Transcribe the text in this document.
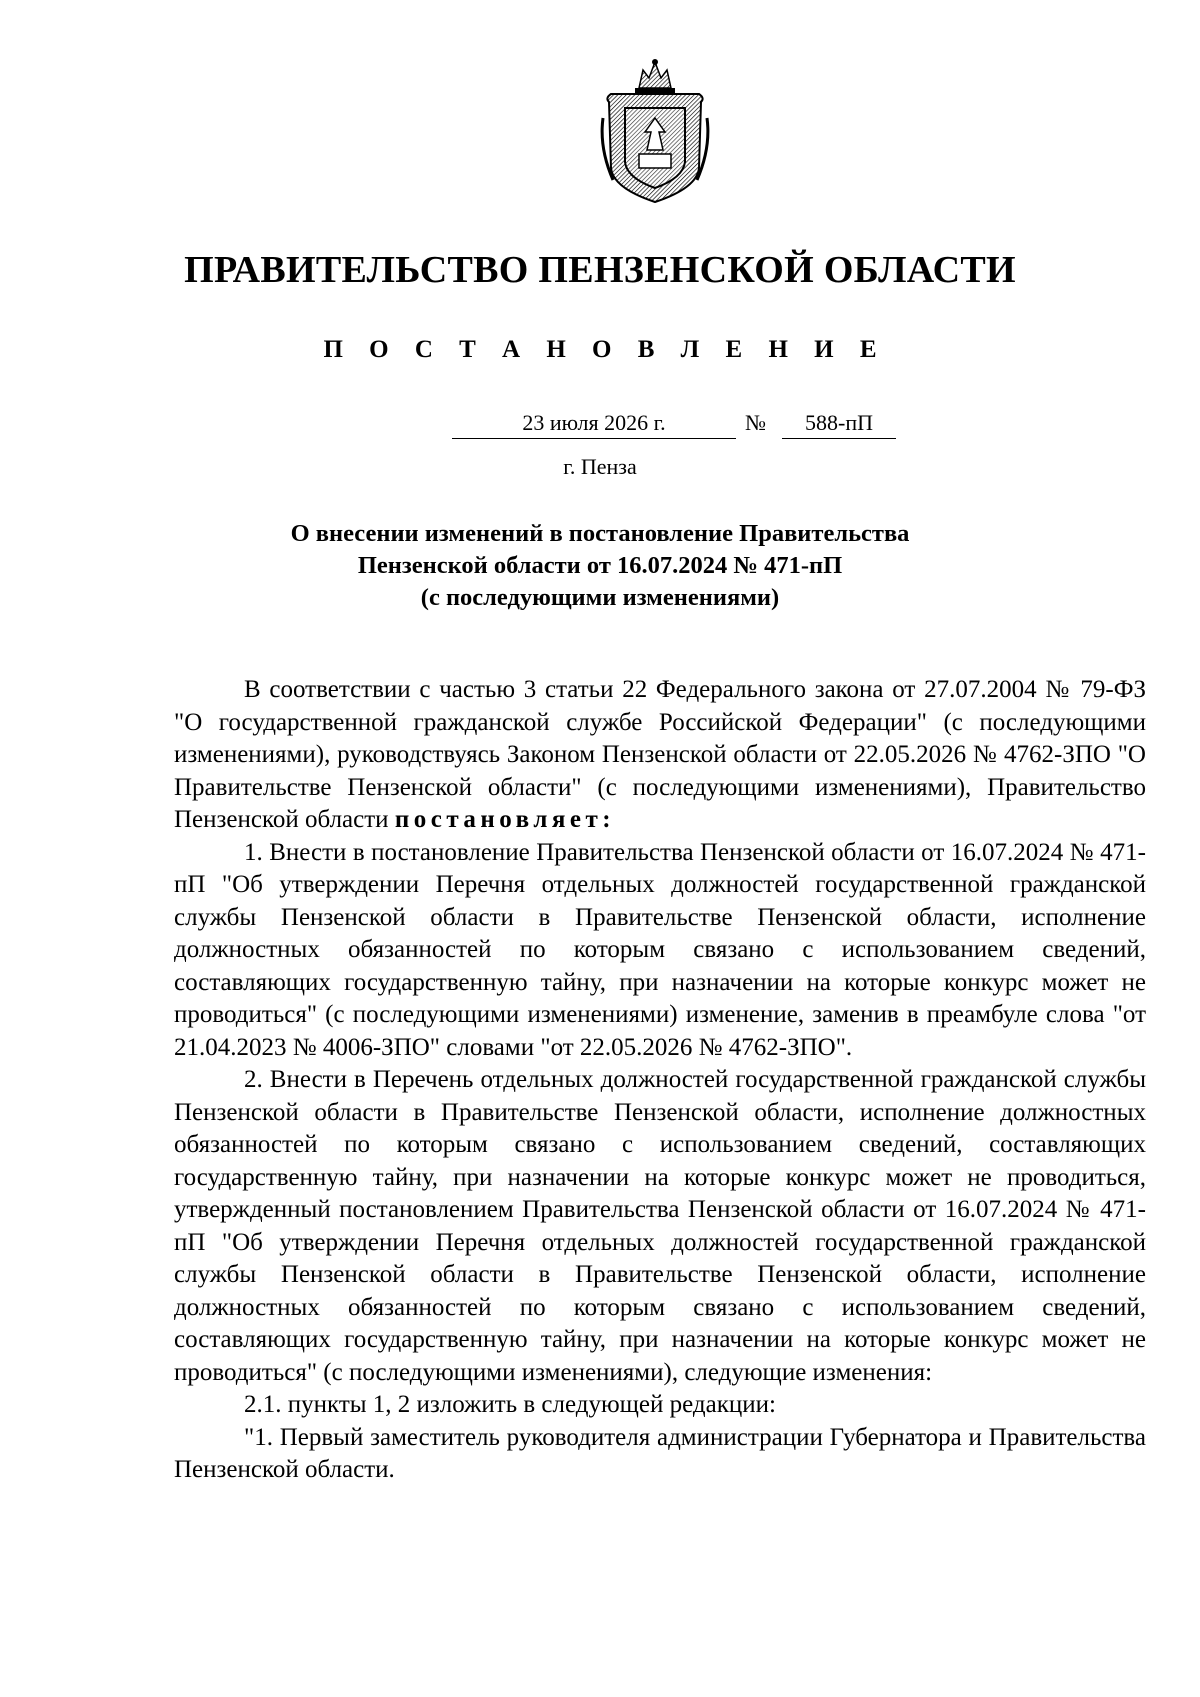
ПРАВИТЕЛЬСТВО ПЕНЗЕНСКОЙ ОБЛАСТИ
П О С Т А Н О В Л Е Н И Е
23 июля 2026 г.	№	588-пП
г. Пенза
О внесении изменений в постановление Правительства
Пензенской области от 16.07.2024 № 471-пП
(с последующими изменениями)

В соответствии с частью 3 статьи 22 Федерального закона от 27.07.2004 № 79-ФЗ "О государственной гражданской службе Российской Федерации" (с последующими изменениями), руководствуясь Законом Пензенской области от 22.05.2026 № 4762-ЗПО "О Правительстве Пензенской области" (с последующими изменениями), Правительство Пензенской области постановляет:

1. Внести в постановление Правительства Пензенской области от 16.07.2024 № 471-пП "Об утверждении Перечня отдельных должностей государственной гражданской службы Пензенской области в Правительстве Пензенской области, исполнение должностных обязанностей по которым связано с использованием сведений, составляющих государственную тайну, при назначении на которые конкурс может не проводиться" (с последующими изменениями) изменение, заменив в преамбуле слова "от 21.04.2023 № 4006-ЗПО" словами "от 22.05.2026 № 4762-ЗПО".

2. Внести в Перечень отдельных должностей государственной гражданской службы Пензенской области в Правительстве Пензенской области, исполнение должностных обязанностей по которым связано с использованием сведений, составляющих государственную тайну, при назначении на которые конкурс может не проводиться, утвержденный постановлением Правительства Пензенской области от 16.07.2024 № 471-пП "Об утверждении Перечня отдельных должностей государственной гражданской службы Пензенской области в Правительстве Пензенской области, исполнение должностных обязанностей по которым связано с использованием сведений, составляющих государственную тайну, при назначении на которые конкурс может не проводиться" (с последующими изменениями), следующие изменения:

2.1. пункты 1, 2 изложить в следующей редакции:

"1. Первый заместитель руководителя администрации Губернатора и Правительства Пензенской области.
